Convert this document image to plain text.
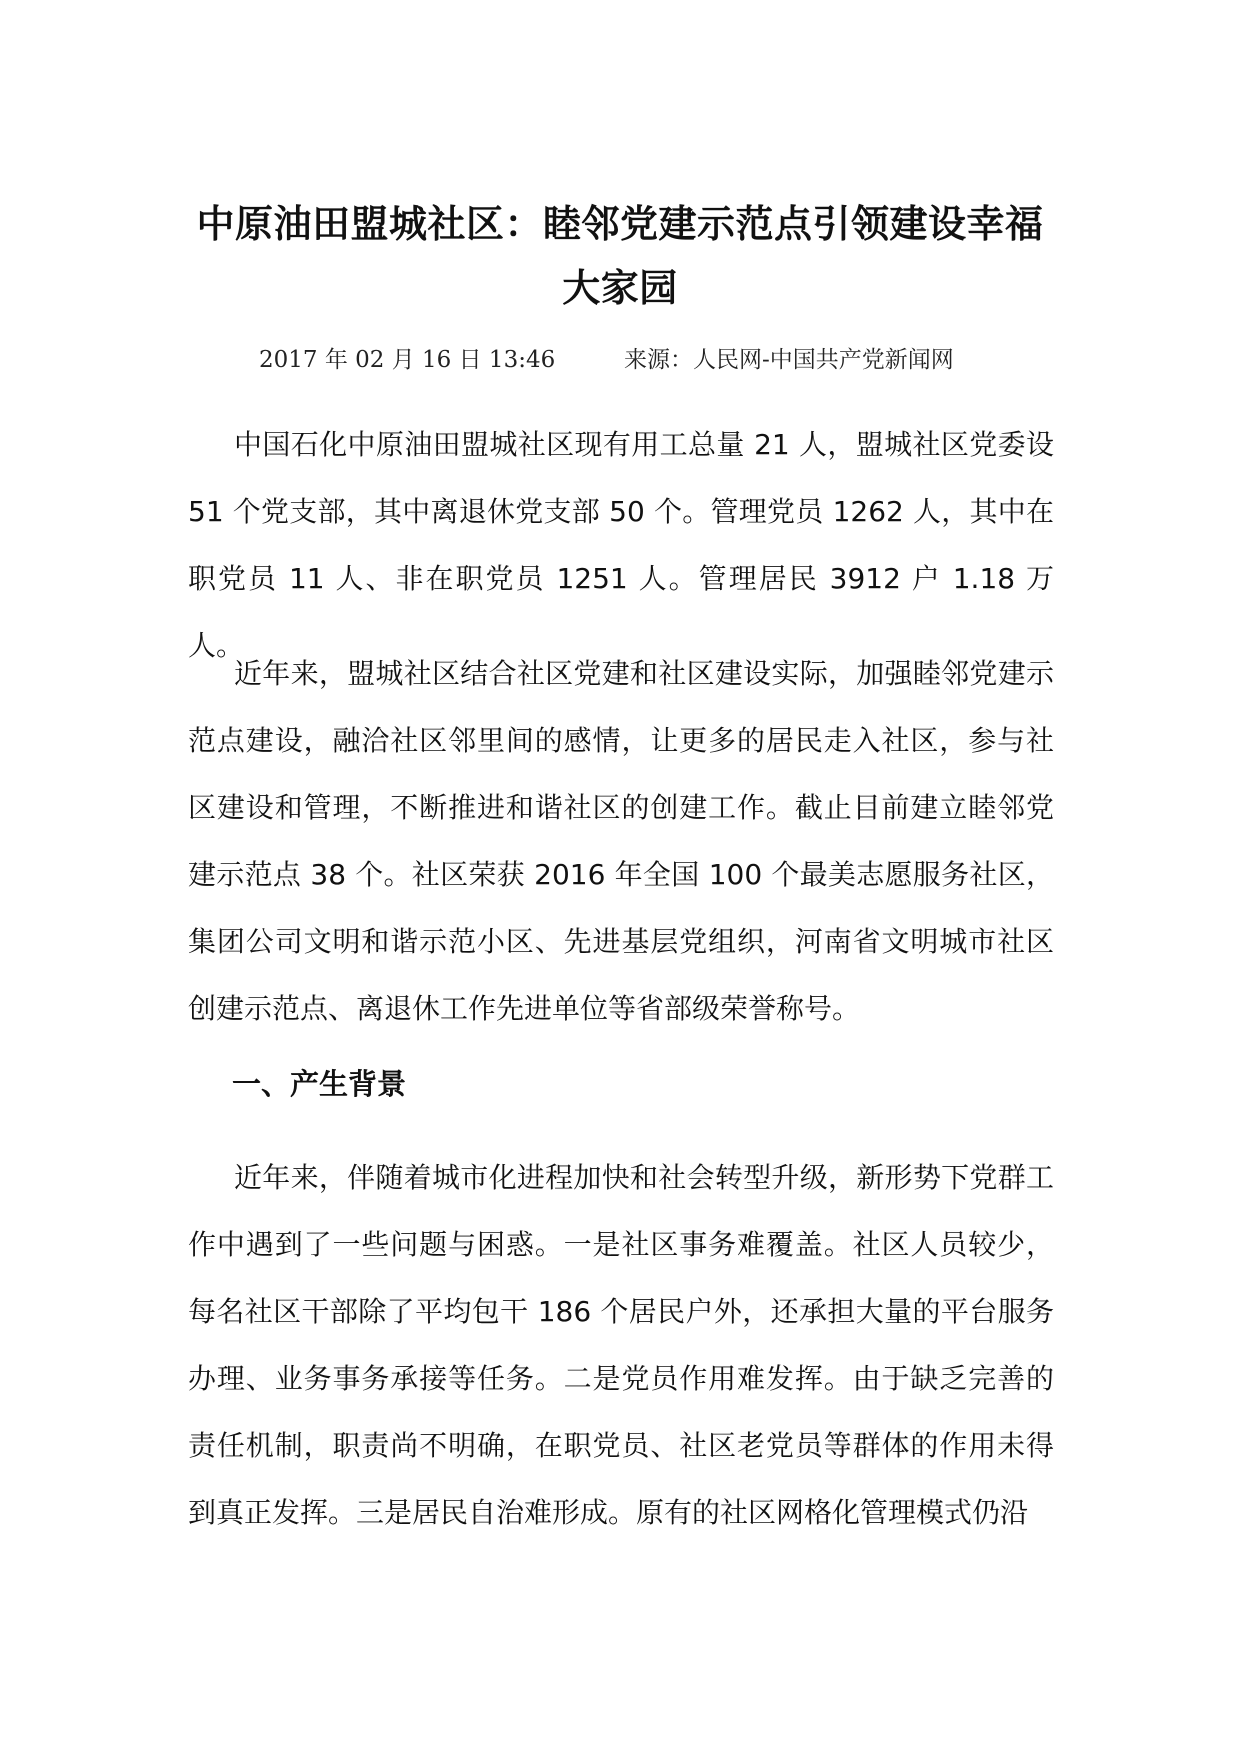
中原油田盟城社区：睦邻党建示范点引领建设幸福大家园
2017 年 02 月 16 日 13:46	来源：人民网-中国共产党新闻网

中国石化中原油田盟城社区现有用工总量 21 人，盟城社区党委设 51 个党支部，其中离退休党支部 50 个。管理党员 1262 人，其中在职党员 11 人、非在职党员 1251 人。管理居民 3912 户 1.18 万人。

近年来，盟城社区结合社区党建和社区建设实际，加强睦邻党建示范点建设，融洽社区邻里间的感情，让更多的居民走入社区，参与社区建设和管理，不断推进和谐社区的创建工作。截止目前建立睦邻党建示范点 38 个。社区荣获 2016 年全国 100 个最美志愿服务社区，集团公司文明和谐示范小区、先进基层党组织，河南省文明城市社区创建示范点、离退休工作先进单位等省部级荣誉称号。

一、产生背景

近年来，伴随着城市化进程加快和社会转型升级，新形势下党群工作中遇到了一些问题与困惑。一是社区事务难覆盖。社区人员较少，每名社区干部除了平均包干 186 个居民户外，还承担大量的平台服务办理、业务事务承接等任务。二是党员作用难发挥。由于缺乏完善的责任机制，职责尚不明确，在职党员、社区老党员等群体的作用未得到真正发挥。三是居民自治难形成。原有的社区网格化管理模式仍沿
